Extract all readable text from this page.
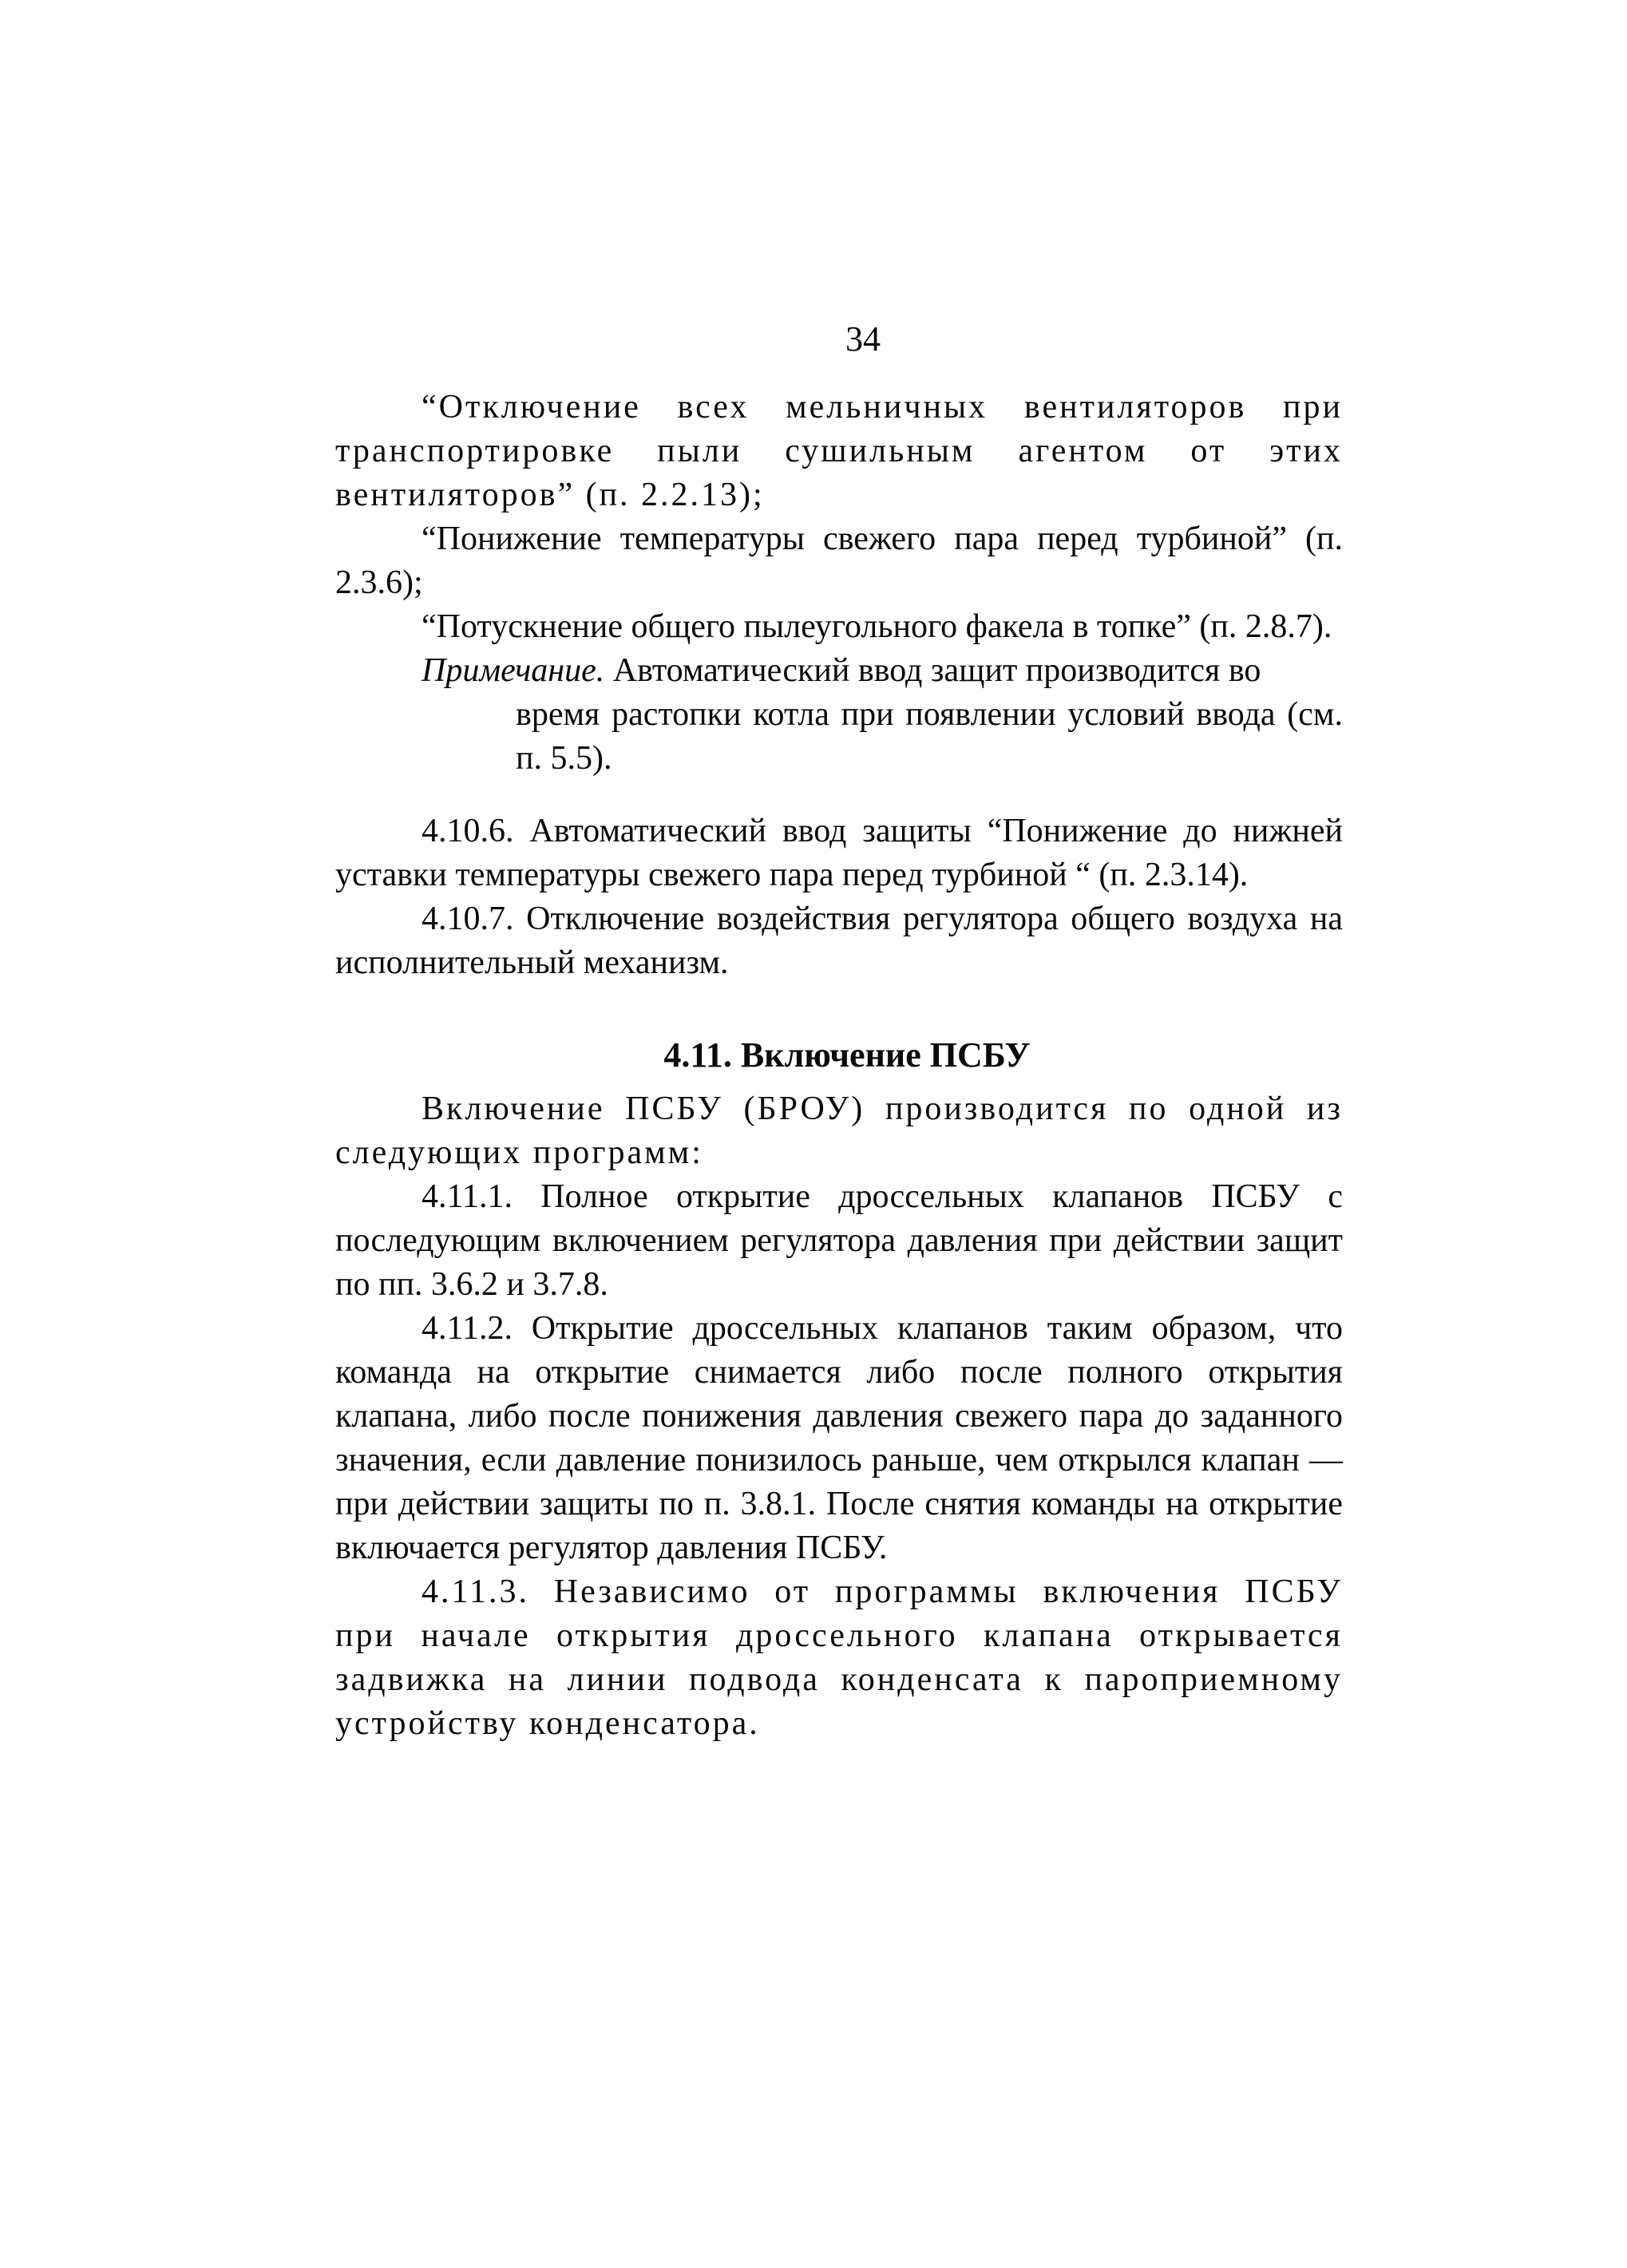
34

“Отключение всех мельничных вентиляторов при транспортировке пыли сушильным агентом от этих вентиляторов” (п. 2.2.13);

“Понижение температуры свежего пара перед турбиной” (п. 2.3.6);

“Потускнение общего пылеугольного факела в топке” (п. 2.8.7).

Примечание. Автоматический ввод защит производится во

время растопки котла при появлении условий ввода (см. п. 5.5).

4.10.6. Автоматический ввод защиты “Понижение до нижней уставки температуры свежего пара перед турбиной “ (п. 2.3.14).

4.10.7. Отключение воздействия регулятора общего воздуха на исполнительный механизм.

4.11. Включение ПСБУ

Включение ПСБУ (БРОУ) производится по одной из следующих программ:

4.11.1. Полное открытие дроссельных клапанов ПСБУ с последующим включением регулятора давления при действии защит по пп. 3.6.2 и 3.7.8.

4.11.2. Открытие дроссельных клапанов таким образом, что команда на открытие снимается либо после полного открытия клапана, либо после понижения давления свежего пара до заданного значения, если давление понизилось раньше, чем открылся клапан — при действии защиты по п. 3.8.1. После снятия команды на открытие включается регулятор давления ПСБУ.

4.11.3. Независимо от программы включения ПСБУ при начале открытия дроссельного клапана открывается задвижка на линии подвода конденсата к пароприемному устройству конденсатора.
